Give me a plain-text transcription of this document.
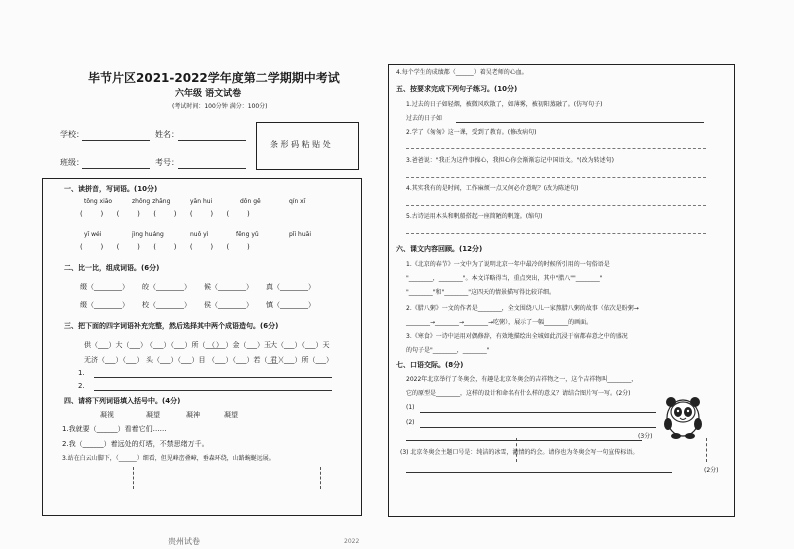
毕节片区2021-2022学年度第二学期期中考试
六年级 语文试卷
(考试时间：100分钟 满分：100分)
学校：	姓名：
班级：	考号：
条 形 码 粘 贴 处
一、读拼音，写词语。(10分)
tōng xiāo	zhōng zhāng	yān hui	dǒn gē	qín xī
(        )      (        )      (        )      (        )      (        )
yī wéi	jìng huáng	nuǒ yì	fēng yǔ	pǐi huāi
(        )      (        )      (        )      (        )      (        )
二、比一比，组成词语。(6分)
缀（________）	皎（________）	候（________）	真（________）
缀（________）	校（________）	侯（________）	慎（________）
三、把下面的四字词语补充完整，然后选择其中两个成语造句。(6分)
供（___）大（___） （___）（___）所（___）
（___）金（___）玉 大（___）（___）天
无济（___）（___） 头（___）（___）目 （___）（___）若（___）
君（___）所（___）
1.
2.
四、请将下列词语填入括号中。(4分)
凝视	凝望	凝神	凝望
1.我就要（______）看着它们……
2.我（______）着远处的灯塔，不禁思绪万千。
3.站在白云山脚下，（______）细看，但见峰峦叠嶂，垂森环绕，山路蜿蜒远展。
4.每个学生的成绩都（______）着吴老师的心血。
五、按要求完成下列句子练习。(10分)
1.过去的日子如轻烟，被微风吹散了，如薄雾，被初阳蒸融了。(仿写句子)
过去的日子如
2.学了《匆匆》这一课，受到了教育。(修改病句)
3.爸爸说："我正为这件事操心，我担心你会渐渐忘记中国语文。"(改为转述句)
4.其实我有的是时间，工作麻烦一点又何必介意呢？(改为陈述句)
5.古诗运用木头和帆船搭起一座简陋的帆篷。(缩句)
六、课文内容回顾。(12分)
1.《北京的春节》一文中为了说明北京一年中最冷的时候所引用的一句俗语是
"________，________"。本文详略得当，重点突出，其中"腊八""________"
"________"和"________"这四天的情景描写得比较详细。
2.《腊八粥》一文的作者是________，全文围绕八儿一家熬腊八粥的故事（依次是盼粥→
________→________→________→吃粥），展示了一幅________的画面。
3.《寒食》一诗中运用对偶修辞，有效地描绘出全城如此沉浸于宿都春意之中的盛况
的句子是"________，________"
七、口语交际。(8分)
2022年北京举行了冬奥会，有趣是北京冬奥会的吉祥物之一，这个吉祥物叫________，
它的原型是________，这样的设计和命名有什么样的意义？请结合图片写一写。(2分)
(1)
(2)
(3分)
(3) 北京冬奥会主题口号是：纯洁的冰雪，激情的约会。请你也为冬奥会写一句宣传标语。
(2分)
贵州试卷	2022
